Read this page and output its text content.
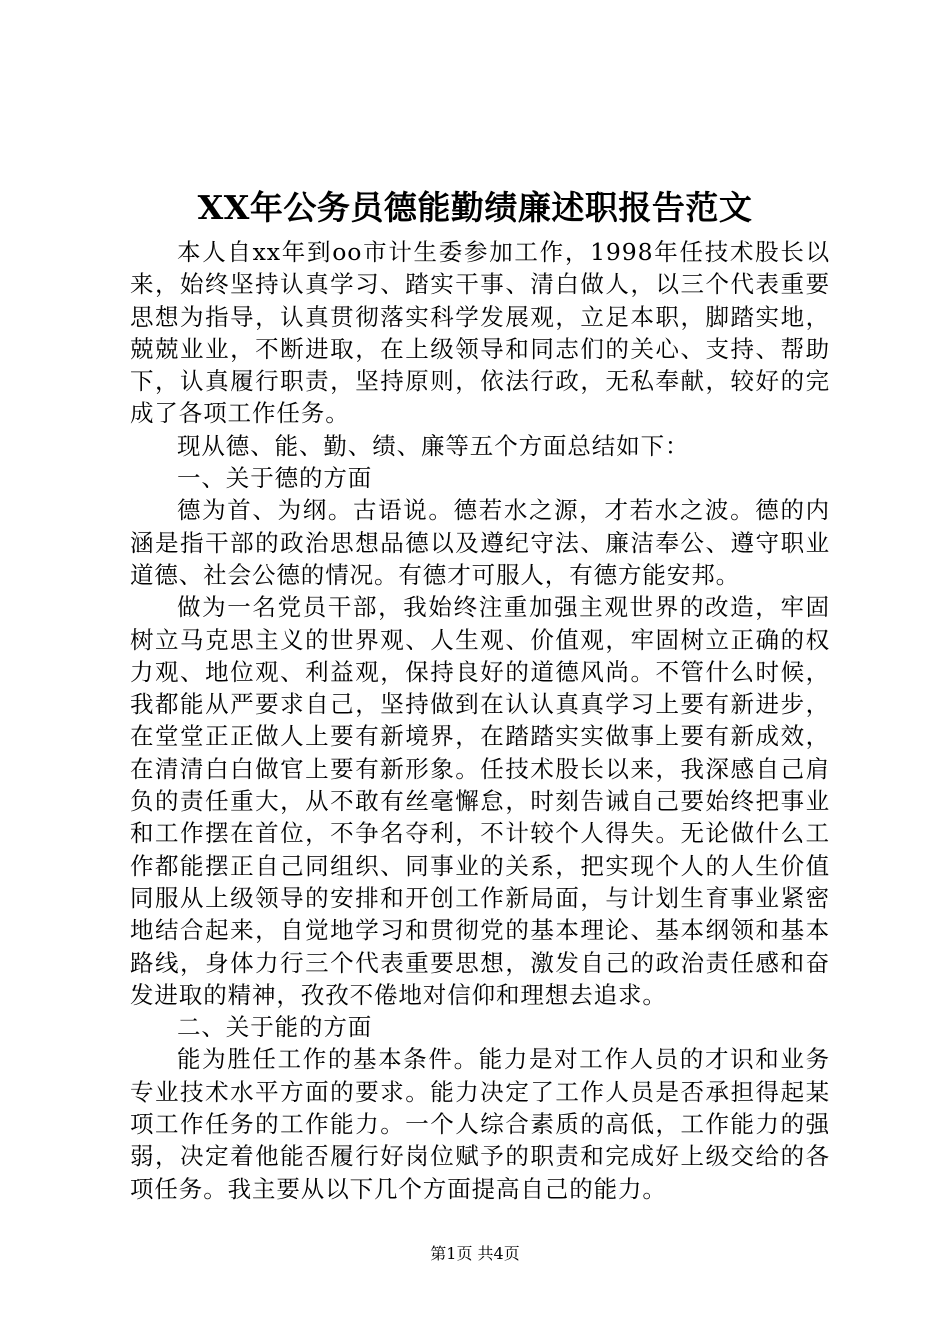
XX年公务员德能勤绩廉述职报告范文

本人自xx年到oo市计生委参加工作，1998年任技术股长以来，始终坚持认真学习、踏实干事、清白做人，以三个代表重要思想为指导，认真贯彻落实科学发展观，立足本职，脚踏实地，兢兢业业，不断进取，在上级领导和同志们的关心、支持、帮助下，认真履行职责，坚持原则，依法行政，无私奉献，较好的完成了各项工作任务。

现从德、能、勤、绩、廉等五个方面总结如下：

一、关于德的方面

德为首、为纲。古语说。德若水之源，才若水之波。德的内涵是指干部的政治思想品德以及遵纪守法、廉洁奉公、遵守职业道德、社会公德的情况。有德才可服人，有德方能安邦。

做为一名党员干部，我始终注重加强主观世界的改造，牢固树立马克思主义的世界观、人生观、价值观，牢固树立正确的权力观、地位观、利益观，保持良好的道德风尚。不管什么时候，我都能从严要求自己，坚持做到在认认真真学习上要有新进步，在堂堂正正做人上要有新境界，在踏踏实实做事上要有新成效，在清清白白做官上要有新形象。任技术股长以来，我深感自己肩负的责任重大，从不敢有丝毫懈怠，时刻告诫自己要始终把事业和工作摆在首位，不争名夺利，不计较个人得失。无论做什么工作都能摆正自己同组织、同事业的关系，把实现个人的人生价值同服从上级领导的安排和开创工作新局面，与计划生育事业紧密地结合起来，自觉地学习和贯彻党的基本理论、基本纲领和基本路线，身体力行三个代表重要思想，激发自己的政治责任感和奋发进取的精神，孜孜不倦地对信仰和理想去追求。

二、关于能的方面

能为胜任工作的基本条件。能力是对工作人员的才识和业务专业技术水平方面的要求。能力决定了工作人员是否承担得起某项工作任务的工作能力。一个人综合素质的高低，工作能力的强弱，决定着他能否履行好岗位赋予的职责和完成好上级交给的各项任务。我主要从以下几个方面提高自己的能力。

第1页 共4页
